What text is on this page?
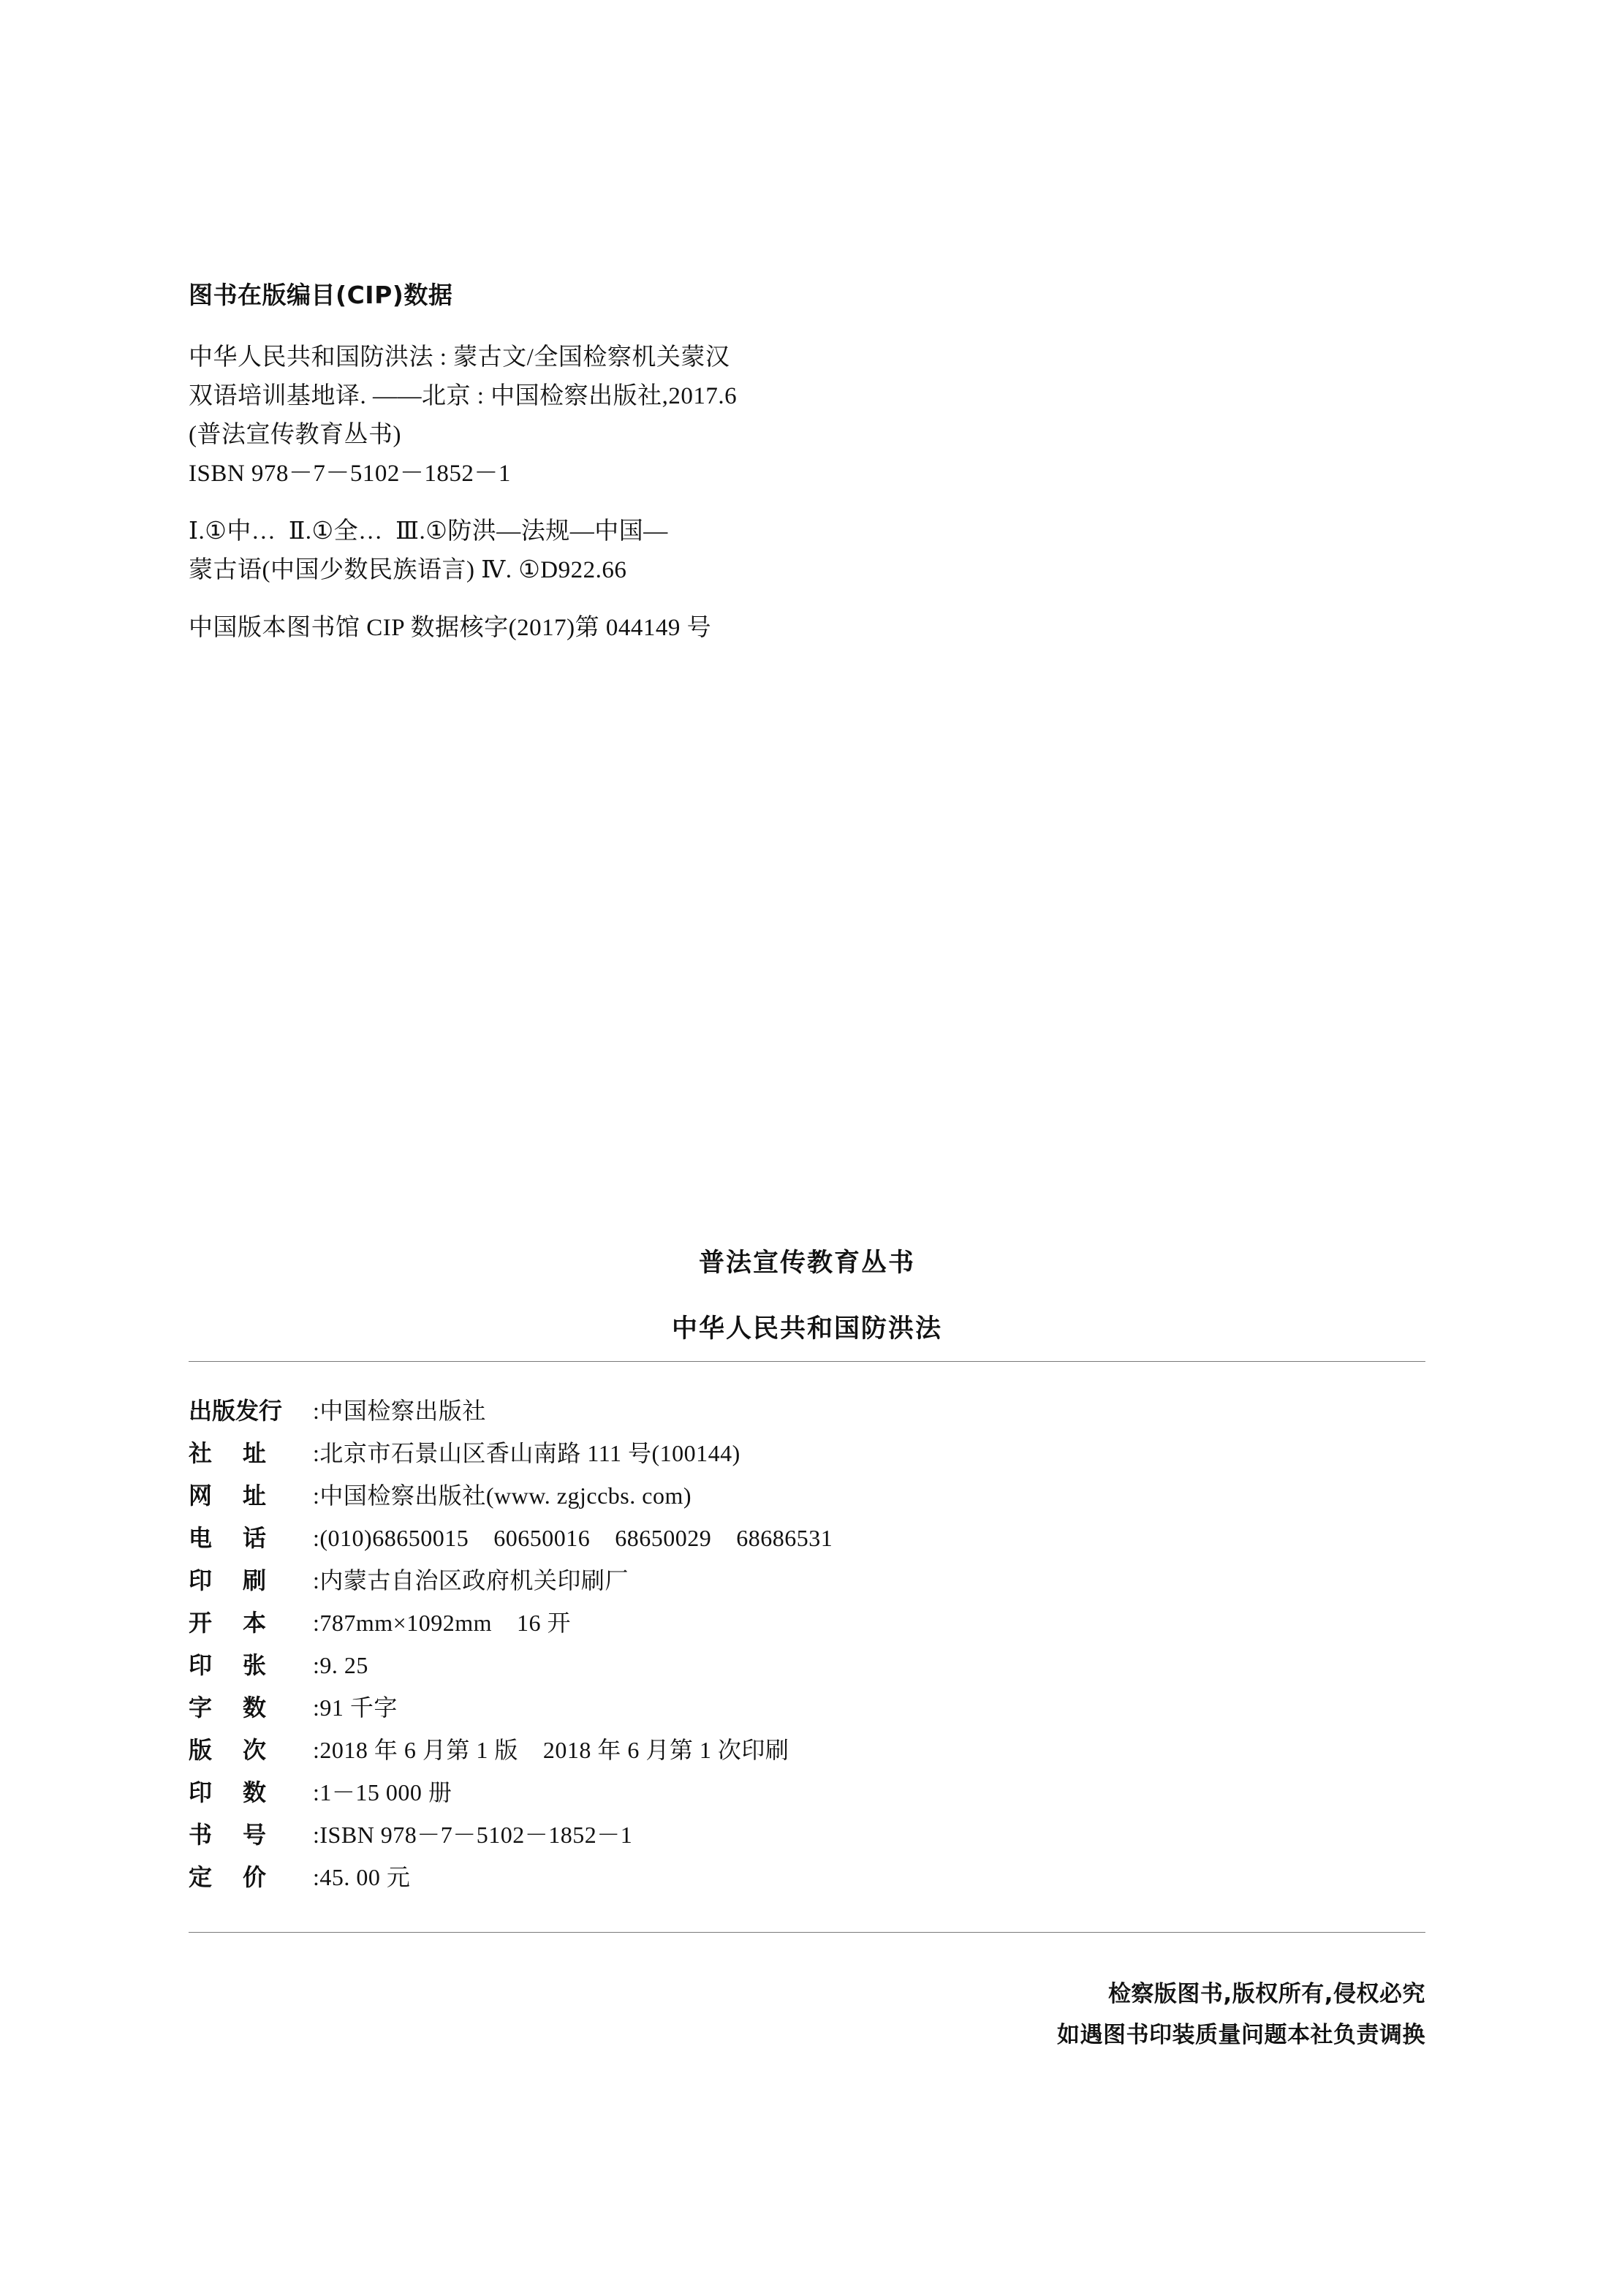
图书在版编目(CIP)数据
中华人民共和国防洪法 : 蒙古文/全国检察机关蒙汉
双语培训基地译. ——北京 : 中国检察出版社,2017.6
(普法宣传教育丛书)
ISBN 978－7－5102－1852－1
Ⅰ.①中…  Ⅱ.①全…  Ⅲ.①防洪—法规—中国—
蒙古语(中国少数民族语言) Ⅳ. ①D922.66
中国版本图书馆 CIP 数据核字(2017)第 044149 号
普法宣传教育丛书
中华人民共和国防洪法
出版发行	:中国检察出版社
社址 :北京市石景山区香山南路 111 号(100144)
网址 :中国检察出版社(www. zgjccbs. com)
电话 :(010)68650015    60650016    68650029    68686531
印刷 :内蒙古自治区政府机关印刷厂
开本 :787mm×1092mm    16 开
印张 :9. 25
字数 :91 千字
版次 :2018 年 6 月第 1 版    2018 年 6 月第 1 次印刷
印数 :1－15 000 册
书号 :ISBN 978－7－5102－1852－1
定价 :45. 00 元
检察版图书,版权所有,侵权必究
如遇图书印装质量问题本社负责调换
